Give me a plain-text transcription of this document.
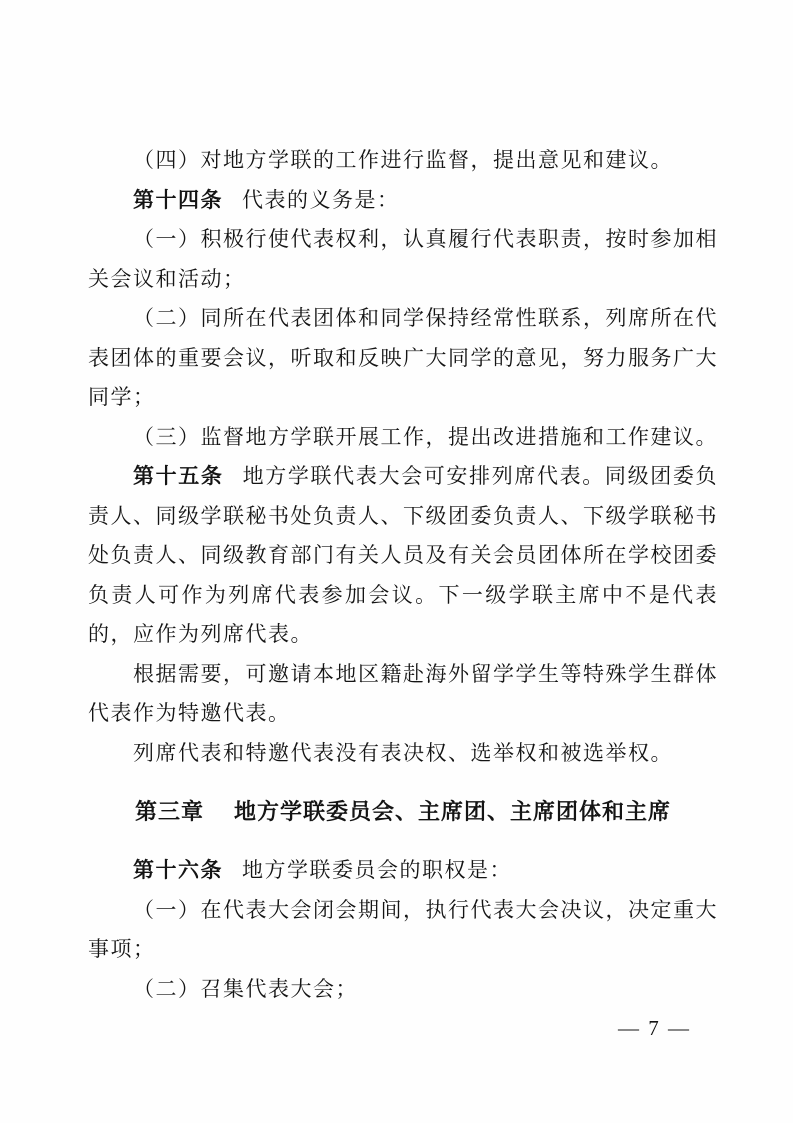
（四）对地方学联的工作进行监督，提出意见和建议。

第十四条 代表的义务是：

（一）积极行使代表权利，认真履行代表职责，按时参加相关会议和活动；

（二）同所在代表团体和同学保持经常性联系，列席所在代表团体的重要会议，听取和反映广大同学的意见，努力服务广大同学；

（三）监督地方学联开展工作，提出改进措施和工作建议。

第十五条 地方学联代表大会可安排列席代表。同级团委负责人、同级学联秘书处负责人、下级团委负责人、下级学联秘书处负责人、同级教育部门有关人员及有关会员团体所在学校团委负责人可作为列席代表参加会议。下一级学联主席中不是代表的，应作为列席代表。

根据需要，可邀请本地区籍赴海外留学学生等特殊学生群体代表作为特邀代表。

列席代表和特邀代表没有表决权、选举权和被选举权。

第三章 地方学联委员会、主席团、主席团体和主席

第十六条 地方学联委员会的职权是：

（一）在代表大会闭会期间，执行代表大会决议，决定重大事项；

（二）召集代表大会；

— 7 —
